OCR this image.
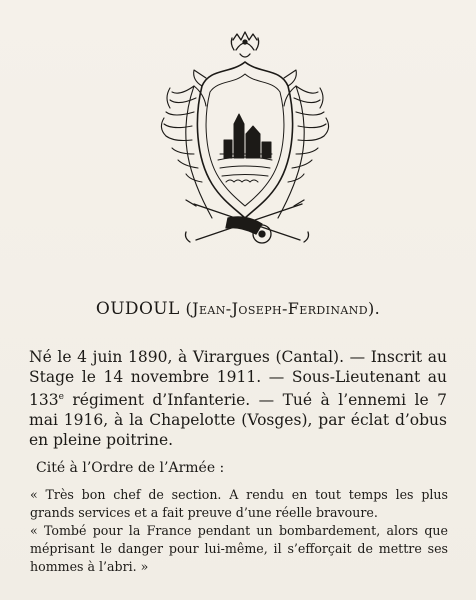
OUDOUL (Jean-Joseph-Ferdinand).

Né le 4 juin 1890, à Virargues (Cantal). — Inscrit au Stage le 14 novembre 1911. — Sous-Lieutenant au 133e régiment d’Infanterie. — Tué à l’ennemi le 7 mai 1916, à la Chapelotte (Vosges), par éclat d’obus en pleine poitrine.

Cité à l’Ordre de l’Armée :

« Très bon chef de section. A rendu en tout temps les plus grands services et a fait preuve d’une réelle bravoure.

« Tombé pour la France pendant un bombardement, alors que méprisant le danger pour lui-même, il s’efforçait de mettre ses hommes à l’abri. »
